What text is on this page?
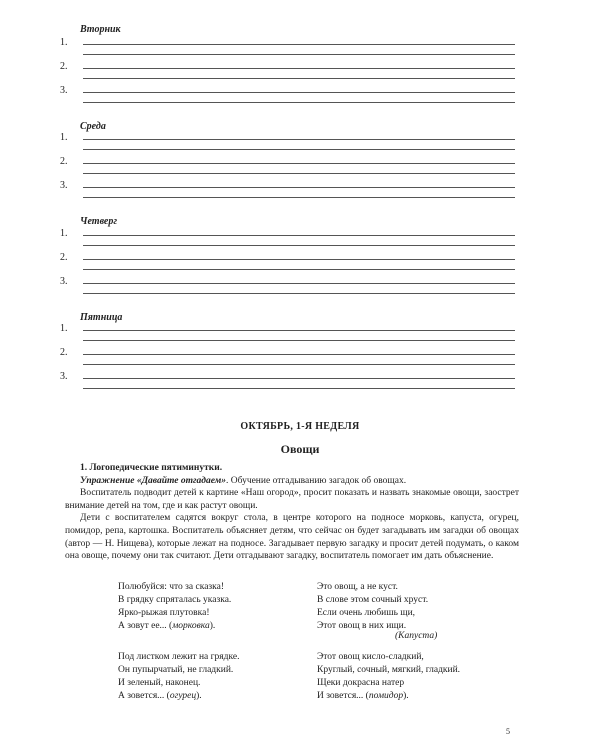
Вторник
1.
2.
3.
Среда
1.
2.
3.
Четверг
1.
2.
3.
Пятница
1.
2.
3.
ОКТЯБРЬ, 1-Я НЕДЕЛЯ
Овощи

1. Логопедические пятиминутки.

Упражнение «Давайте отгадаем». Обучение отгадыванию загадок об овощах.

Воспитатель подводит детей к картине «Наш огород», просит показать и назвать знакомые овощи, заострет внимание детей на том, где и как растут овощи.

Дети с воспитателем садятся вокруг стола, в центре которого на подносе морковь, капуста, огурец, помидор, репа, картошка. Воспитатель объясняет детям, что сейчас он будет загадывать им загадки об овощах (автор — Н. Нищева), которые лежат на подносе. Загадывает первую загадку и просит детей подумать, о каком она овоще, почему они так считают. Дети отгадывают загадку, воспитатель помогает им дать объяснение.

Полюбуйся: что за сказка!
В грядку спряталась указка.
Ярко-рыжая плутовка!
А зовут ее... (морковка).
Это овощ, а не куст.
В слове этом сочный хруст.
Если очень любишь щи,
Этот овощ в них ищи.
(Капуста)
Под листком лежит на грядке.
Он пупырчатый, не гладкий.
И зеленый, наконец.
А зовется... (огурец).
Этот овощ кисло-сладкий,
Круглый, сочный, мягкий, гладкий.
Щеки докрасна натер
И зовется... (помидор).
5
